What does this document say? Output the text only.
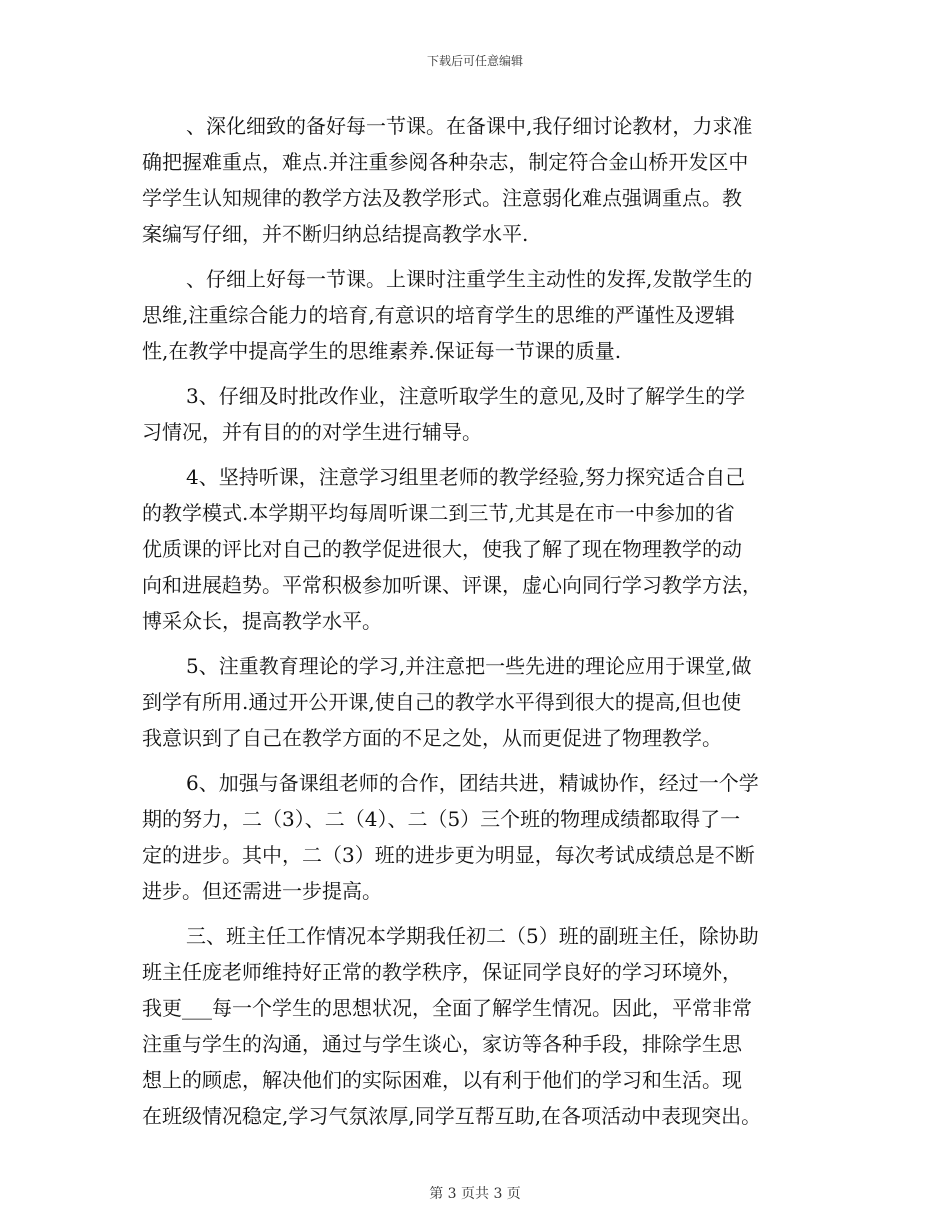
下载后可任意编辑

、深化细致的备好每一节课。在备课中,我仔细讨论教材，力求准
确把握难重点，难点.并注重参阅各种杂志，制定符合金山桥开发区中
学学生认知规律的教学方法及教学形式。注意弱化难点强调重点。教
案编写仔细，并不断归纳总结提高教学水平.

、仔细上好每一节课。上课时注重学生主动性的发挥,发散学生的
思维,注重综合能力的培育,有意识的培育学生的思维的严谨性及逻辑
性,在教学中提高学生的思维素养.保证每一节课的质量.

3、仔细及时批改作业，注意听取学生的意见,及时了解学生的学
习情况，并有目的的对学生进行辅导。

4、坚持听课，注意学习组里老师的教学经验,努力探究适合自己
的教学模式.本学期平均每周听课二到三节,尤其是在市一中参加的省
优质课的评比对自己的教学促进很大，使我了解了现在物理教学的动
向和进展趋势。平常积极参加听课、评课，虚心向同行学习教学方法，
博采众长，提高教学水平。

5、注重教育理论的学习,并注意把一些先进的理论应用于课堂,做
到学有所用.通过开公开课,使自己的教学水平得到很大的提高,但也使
我意识到了自己在教学方面的不足之处，从而更促进了物理教学。

6、加强与备课组老师的合作，团结共进，精诚协作，经过一个学
期的努力，二（3）、二（4）、二（5）三个班的物理成绩都取得了一
定的进步。其中，二（3）班的进步更为明显，每次考试成绩总是不断
进步。但还需进一步提高。

三、班主任工作情况本学期我任初二（5）班的副班主任，除协助
班主任庞老师维持好正常的教学秩序，保证同学良好的学习环境外，
我更___每一个学生的思想状况，全面了解学生情况。因此，平常非常
注重与学生的沟通，通过与学生谈心，家访等各种手段，排除学生思
想上的顾虑，解决他们的实际困难，以有利于他们的学习和生活。现
在班级情况稳定,学习气氛浓厚,同学互帮互助,在各项活动中表现突出。

第 3 页共 3 页
